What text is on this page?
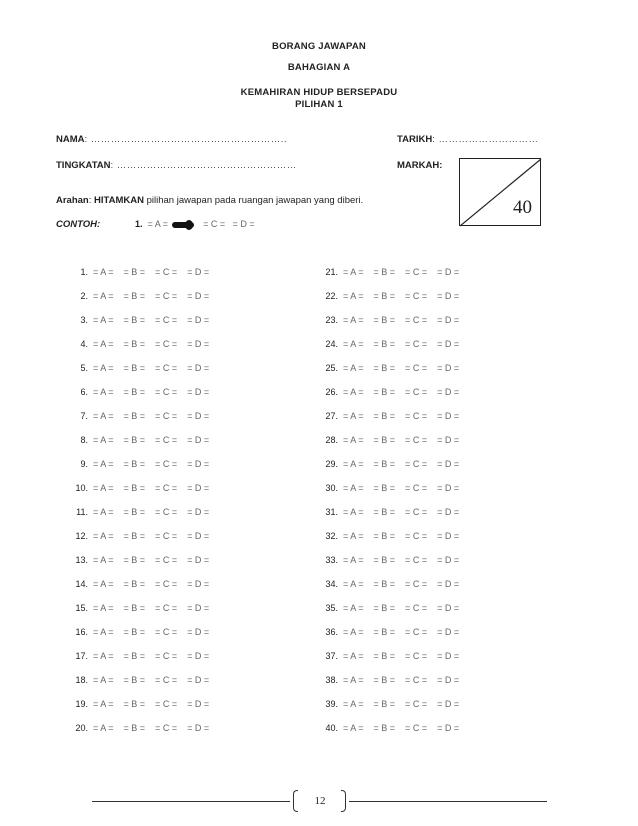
BORANG JAWAPAN
BAHAGIAN A
KEMAHIRAN HIDUP BERSEPADU
PILIHAN 1
NAMA: …………………………………………………..	TARIKH: …………………………
TINGKATAN: ………………………………………………	MARKAH:
40
Arahan: HITAMKAN pilihan jawapan pada ruangan jawapan yang diberi.
CONTOH:	1. = A =	= C =   = D =
1. = A =    = B =    = C =    = D =
2. = A =    = B =    = C =    = D =
3. = A =    = B =    = C =    = D =
4. = A =    = B =    = C =    = D =
5. = A =    = B =    = C =    = D =
6. = A =    = B =    = C =    = D =
7. = A =    = B =    = C =    = D =
8. = A =    = B =    = C =    = D =
9. = A =    = B =    = C =    = D =
10. = A =    = B =    = C =    = D =
11. = A =    = B =    = C =    = D =
12. = A =    = B =    = C =    = D =
13. = A =    = B =    = C =    = D =
14. = A =    = B =    = C =    = D =
15. = A =    = B =    = C =    = D =
16. = A =    = B =    = C =    = D =
17. = A =    = B =    = C =    = D =
18. = A =    = B =    = C =    = D =
19. = A =    = B =    = C =    = D =
20. = A =    = B =    = C =    = D =
21. = A =    = B =    = C =    = D =
22. = A =    = B =    = C =    = D =
23. = A =    = B =    = C =    = D =
24. = A =    = B =    = C =    = D =
25. = A =    = B =    = C =    = D =
26. = A =    = B =    = C =    = D =
27. = A =    = B =    = C =    = D =
28. = A =    = B =    = C =    = D =
29. = A =    = B =    = C =    = D =
30. = A =    = B =    = C =    = D =
31. = A =    = B =    = C =    = D =
32. = A =    = B =    = C =    = D =
33. = A =    = B =    = C =    = D =
34. = A =    = B =    = C =    = D =
35. = A =    = B =    = C =    = D =
36. = A =    = B =    = C =    = D =
37. = A =    = B =    = C =    = D =
38. = A =    = B =    = C =    = D =
39. = A =    = B =    = C =    = D =
40. = A =    = B =    = C =    = D =
12
